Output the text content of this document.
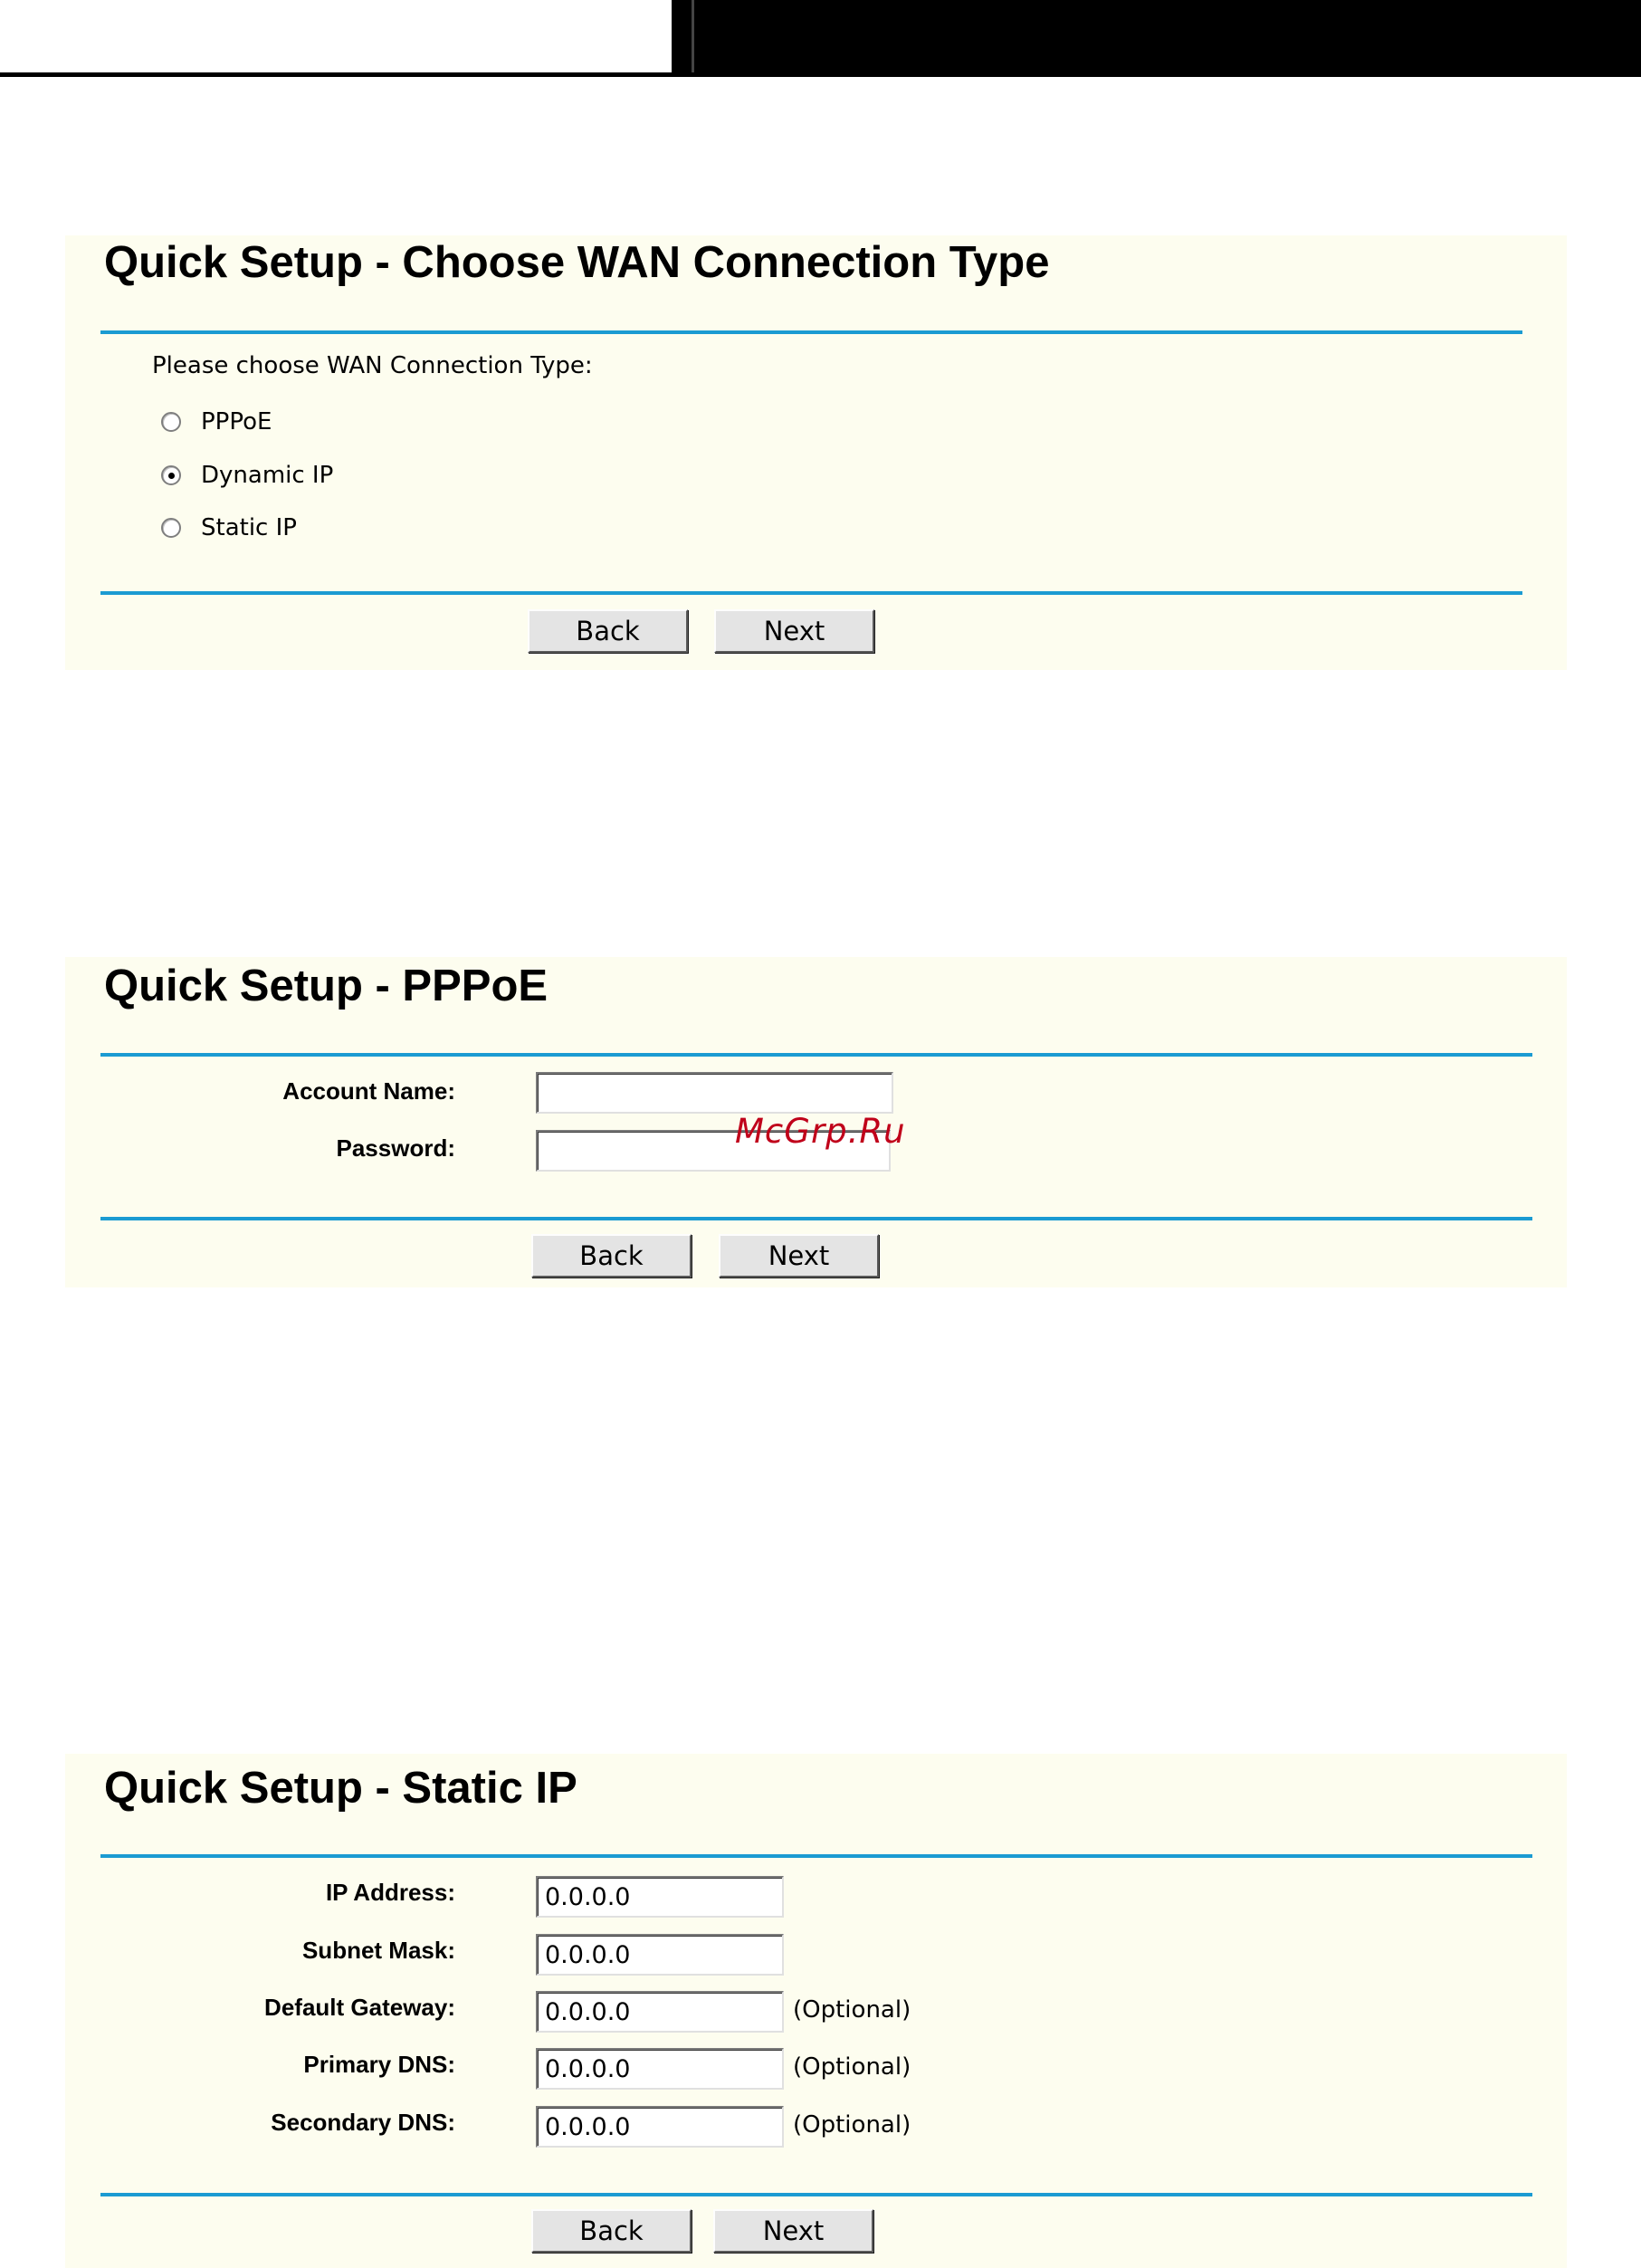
Quick Setup - Choose WAN Connection Type
Please choose WAN Connection Type:
PPPoE
Dynamic IP
Static IP
Back	Next
Quick Setup - PPPoE
Account Name:
Password:
Back	Next
Quick Setup - Static IP
IP Address:	0.0.0.0
Subnet Mask:	0.0.0.0
Default Gateway:	0.0.0.0	(Optional)
Primary DNS:	0.0.0.0	(Optional)
Secondary DNS:	0.0.0.0	(Optional)
Back	Next
McGrp.Ru
